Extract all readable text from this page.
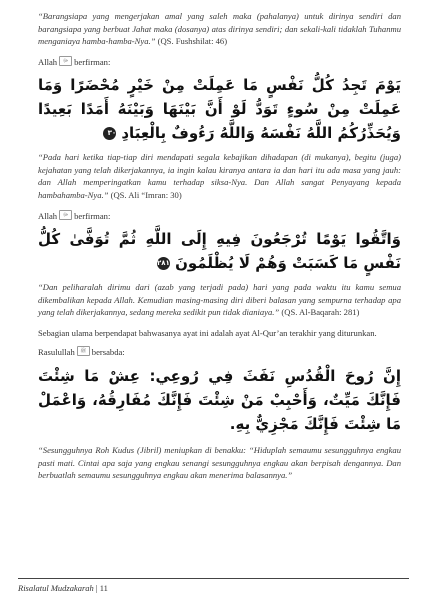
“Barangsiapa yang mengerjakan amal yang saleh maka (pahalanya) untuk dirinya sendiri dan barangsiapa yang berbuat Jahat maka (dosanya) atas dirinya sendiri; dan sekali-kali tidaklah Tuhanmu menganiaya hamba-hamba-Nya.” (QS. Fushshilat: 46)

Allah ﷻ berfirman:

يَوْمَ تَجِدُ كُلُّ نَفْسٍ مَا عَمِلَتْ مِنْ خَيْرٍ مُحْضَرًا وَمَا عَمِلَتْ مِنْ سُوءٍ تَوَدُّ لَوْ أَنَّ بَيْنَهَا وَبَيْنَهُ أَمَدًا بَعِيدًا وَيُحَذِّرُكُمُ اللَّهُ نَفْسَهُ وَاللَّهُ رَءُوفٌ بِالْعِبَادِ ٣٠

“Pada hari ketika tiap-tiap diri mendapati segala kebajikan dihadapan (di mukanya), begitu (juga) kejahatan yang telah dikerjakannya, ia ingin kalau kiranya antara ia dan hari itu ada masa yang jauh: dan Allah memperingatkan kamu terhadap siksa-Nya. Dan Allah sangat Penyayang kepada hambahamba-Nya.” (QS. Ali “Imran: 30)

Allah ﷻ berfirman:

وَاتَّقُوا يَوْمًا تُرْجَعُونَ فِيهِ إِلَى اللَّهِ ثُمَّ تُوَفَّىٰ كُلُّ نَفْسٍ مَا كَسَبَتْ وَهُمْ لَا يُظْلَمُونَ ٢٨١

“Dan peliharalah dirimu dari (azab yang terjadi pada) hari yang pada waktu itu kamu semua dikembalikan kepada Allah. Kemudian masing-masing diri diberi balasan yang sempurna terhadap apa yang telah dikerjakannya, sedang mereka sedikit pun tidak dianiaya.” (QS. Al-Baqarah: 281)

Sebagian ulama berpendapat bahwasanya ayat ini adalah ayat Al-Qur’an terakhir yang diturunkan.

Rasulullah ﷺ bersabda:

إِنَّ رُوحَ الْقُدُسِ نَفَثَ فِي رُوعِي: عِشْ مَا شِئْتَ فَإِنَّكَ مَيِّتٌ، وَأَحْبِبْ مَنْ شِئْتَ فَإِنَّكَ مُفَارِقُهُ، وَاعْمَلْ مَا شِئْتَ فَإِنَّكَ مَجْزِيٌّ بِهِ.

“Sesungguhnya Roh Kudus (Jibril) meniupkan di benakku: “Hiduplah semaumu sesungguhnya engkau pasti mati. Cintai apa saja yang engkau senangi sesungguhnya engkau akan berpisah dengannya. Dan berbuatlah semaumu sesungguhnya engkau akan menerima balasannya.”

Risalatul Mudzakarah | 11
